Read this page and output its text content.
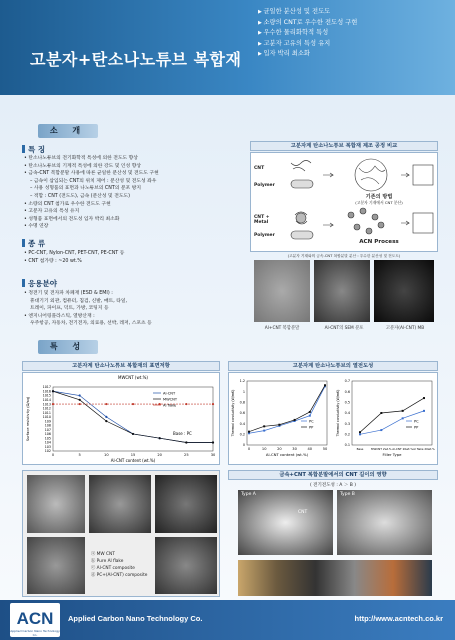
고분자+탄소나노튜브 복합재
▶ 균일한 분산성 및 전도도
▶ 소량의 CNT로 우수한 전도성 구현
▶ 우수한 물리화학적 특성
▶ 고분자 고유의 특성 유지
▶ 입자 박리 최소화
소 개
특 징
• 탄소나노튜브의 전기화학적 특성에 의한 전도도 향상
• 탄소나노튜브의 기계적 특성에 의한 강도 및 인성 향상
• 금속-CNT 복합분말 사용에 따른 균일한 분산성 및 전도도 구현
– 금속이 삽입되는 CNT의 위치 제어 : 분산성 및 전도성 좌우
– 사용 성형품의 표면과 나노튜브의 CNT의 분포 방지
– 적합 : CNT (전도도), 금속 (분산성 및 전도도)
• 소량의 CNT 첨가로 우수한 전도도 구현
• 고분자 고유의 특성 유지
• 성형품 표면에서의 전도성 입자 박리 최소화
• 수명 연장
종 류
• PC-CNT, Nylon-CNT, PET-CNT, PE-CNT 등
• CNT 첨가량 : ~20 wt.%
응용분야
• 정전기 및 전자파 차폐재 (ESD & EMI) :
휴대기기 외관, 컴퓨터, 칩검, 신발, 매트, 타일,
트레이, 파이프, 덕트, 가방, 코팅지 등
• 엔지니어링플라스틱, 열방산재 :
우주항공, 자동차, 전기전자, 의료용, 선박, 레저, 스포츠 등
고분자계 탄소나노튜브 복합재 제조 공정 비교
CNT
Polymer
CNT + Metal
Polymer
기존의 방법
(고분자 기재에서 CNT 분산)
ACN Process
(고분자 기재와의 금속-CNT 복합분말 분산 : 우수한 분산성 및 전도도)
Al+CNT 복합분말	Al-CNT의 SEM 분포	고분자(Al-CNT) MB
특 성
고분자계 탄소나노튜브 복합재의 표면저항
102
103
104
105
106
107
108
109
1010
1011
1012
1013
1014
1015
1016
1017
0	5	10	15	20	25	30
Al-CNT content (wt.%)
MWCNT (wt.%)
Surface resistivity (Ω/sq)
Al-CNT
MWCNT
Al flake
Base : PC
고분자계 탄소나노튜브의 열전도성
0
0.2
0.4
0.6
0.8
1
1.2
0	10	20	30	40	50
Al-CNT content (wt.%)
Thermal conductivity (W/mK)	PC
PP
0.1
0.2
0.3
0.4
0.5
0.6
0.7
Base	MWCNT 2wt.% Al-CNT 20wt.% Al flake 20wt.%
Filler Type
Thermal conductivity (W/mK)	PC
PP
ⓐ MW CNT
ⓑ Pure Al flake
ⓒ Al-CNT composite
ⓓ PC+(Al-CNT) composite
금속+CNT 복합분말에서의 CNT 길이의 영향
( 전기전도성 : A ＞ B )
Type A
CNT
Type B
ACN
Applied Carbon Nano Technology Co.
Applied Carbon Nano Technology Co.	http://www.acntech.co.kr
